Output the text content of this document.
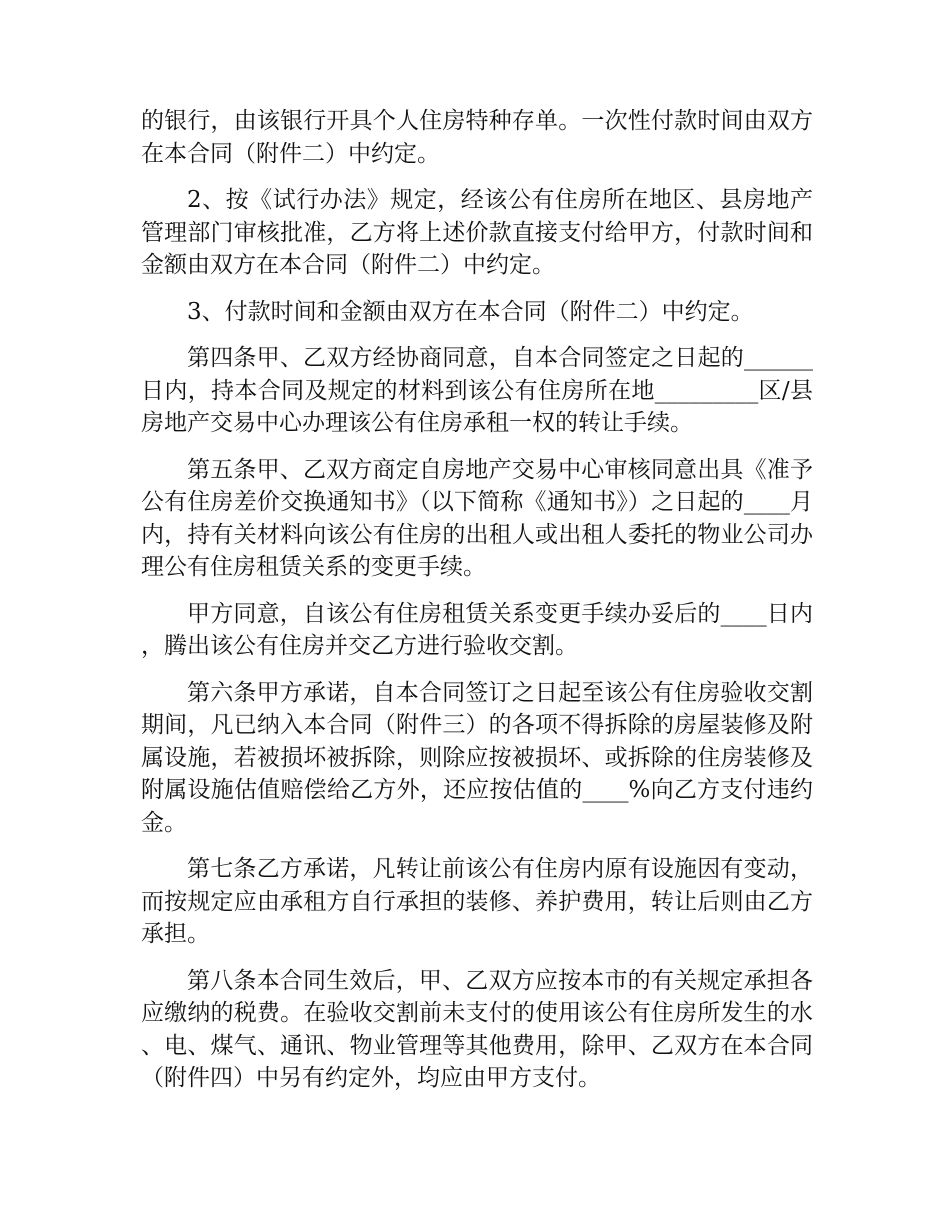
的银行，由该银行开具个人住房特种存单。一次性付款时间由双方在本合同（附件二）中约定。

2、按《试行办法》规定，经该公有住房所在地区、县房地产管理部门审核批准，乙方将上述价款直接支付给甲方，付款时间和金额由双方在本合同（附件二）中约定。

3、付款时间和金额由双方在本合同（附件二）中约定。

第四条甲、乙双方经协商同意，自本合同签定之日起的______日内，持本合同及规定的材料到该公有住房所在地_________区/县房地产交易中心办理该公有住房承租一权的转让手续。

第五条甲、乙双方商定自房地产交易中心审核同意出具《准予公有住房差价交换通知书》（以下简称《通知书》）之日起的____月内，持有关材料向该公有住房的出租人或出租人委托的物业公司办理公有住房租赁关系的变更手续。

甲方同意，自该公有住房租赁关系变更手续办妥后的____日内，腾出该公有住房并交乙方进行验收交割。

第六条甲方承诺，自本合同签订之日起至该公有住房验收交割期间，凡已纳入本合同（附件三）的各项不得拆除的房屋装修及附属设施，若被损坏被拆除，则除应按被损坏、或拆除的住房装修及附属设施估值赔偿给乙方外，还应按估值的____%向乙方支付违约金。

第七条乙方承诺，凡转让前该公有住房内原有设施因有变动，而按规定应由承租方自行承担的装修、养护费用，转让后则由乙方承担。

第八条本合同生效后，甲、乙双方应按本市的有关规定承担各应缴纳的税费。在验收交割前未支付的使用该公有住房所发生的水、电、煤气、通讯、物业管理等其他费用，除甲、乙双方在本合同（附件四）中另有约定外，均应由甲方支付。
